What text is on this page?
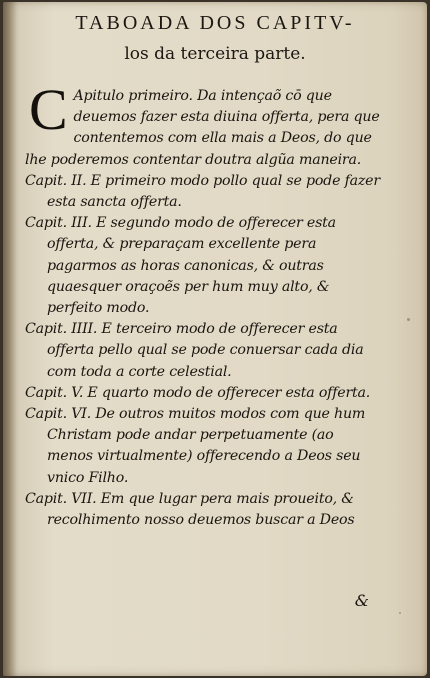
TABOADA DOS CAPITV-
los da terceira parte.

C Apitulo primeiro. Da intençaõ cō que deuemos fazer esta diuina offerta, pera que contentemos com ella mais a Deos, do que lhe poderemos contentar doutra algũa maneira.

Capit. II. E primeiro modo pollo qual se pode fazer esta sancta offerta.

Capit. III. E segundo modo de offerecer esta offerta, & preparaçam excellente pera pagarmos as horas canonicas, & outras quaesquer oraçoẽs per hum muy alto, & perfeito modo.

Capit. IIII. E terceiro modo de offerecer esta offerta pello qual se pode conuersar cada dia com toda a corte celestial.

Capit. V. E quarto modo de offerecer esta offerta.

Capit. VI. De outros muitos modos com que hum Christam pode andar perpetuamente (ao menos virtualmente) offerecendo a Deos seu vnico Filho.

Capit. VII. Em que lugar pera mais proueito, & recolhimento nosso deuemos buscar a Deos

&
